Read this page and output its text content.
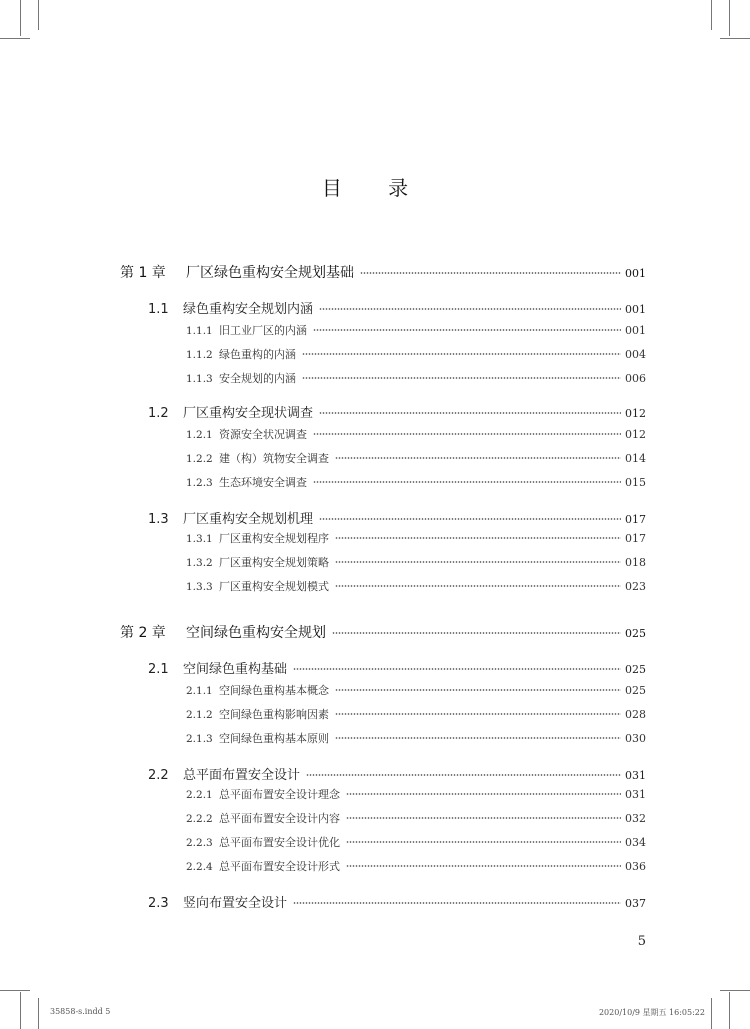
目 录
第 1 章	厂区绿色重构安全规划基础	001
1.1	绿色重构安全规划内涵	001
1.1.1 旧工业厂区的内涵	001
1.1.2 绿色重构的内涵	004
1.1.3 安全规划的内涵	006
1.2	厂区重构安全现状调查	012
1.2.1 资源安全状况调查	012
1.2.2 建（构）筑物安全调查	014
1.2.3 生态环境安全调查	015
1.3	厂区重构安全规划机理	017
1.3.1 厂区重构安全规划程序	017
1.3.2 厂区重构安全规划策略	018
1.3.3 厂区重构安全规划模式	023
第 2 章	空间绿色重构安全规划	025
2.1	空间绿色重构基础	025
2.1.1 空间绿色重构基本概念	025
2.1.2 空间绿色重构影响因素	028
2.1.3 空间绿色重构基本原则	030
2.2	总平面布置安全设计	031
2.2.1 总平面布置安全设计理念	031
2.2.2 总平面布置安全设计内容	032
2.2.3 总平面布置安全设计优化	034
2.2.4 总平面布置安全设计形式	036
2.3	竖向布置安全设计	037
5
35858-s.indd 5	2020/10/9 星期五 16:05:22
